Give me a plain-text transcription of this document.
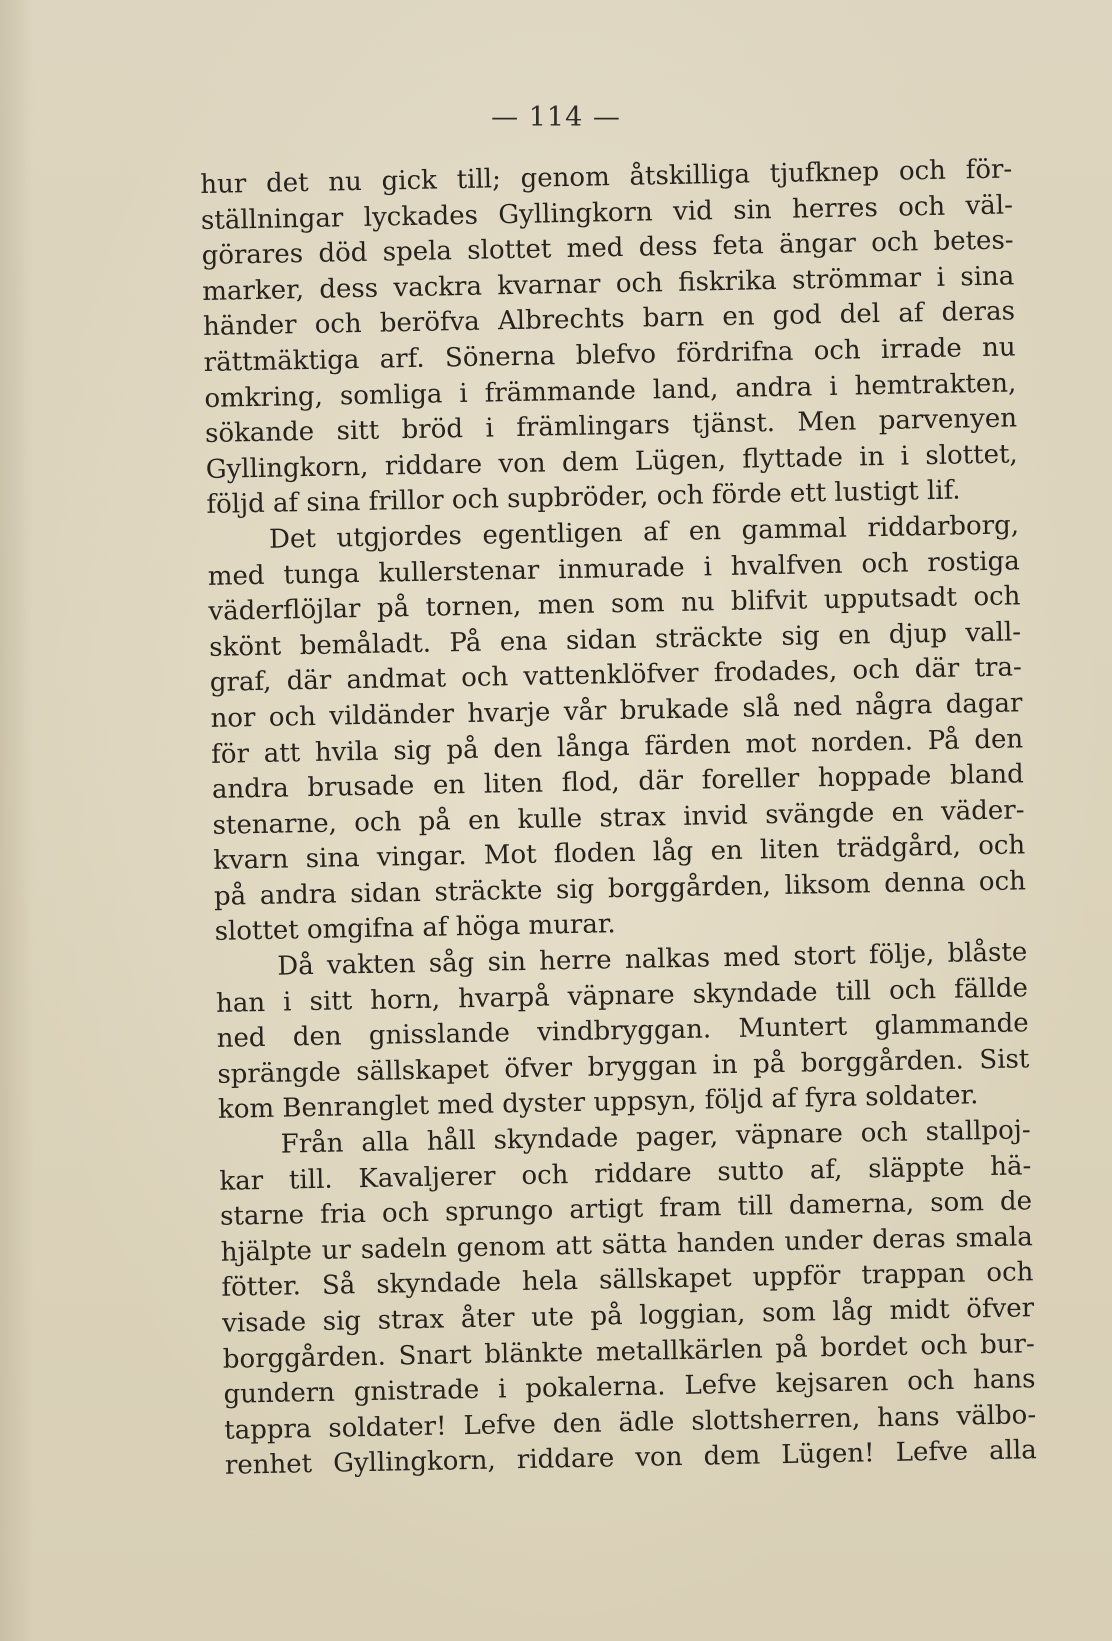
— 114 —
hur det nu gick till; genom åtskilliga tjufknep och för-
ställningar lyckades Gyllingkorn vid sin herres och väl-
görares död spela slottet med dess feta ängar och betes-
marker, dess vackra kvarnar och fiskrika strömmar i sina
händer och beröfva Albrechts barn en god del af deras
rättmäktiga arf. Sönerna blefvo fördrifna och irrade nu
omkring, somliga i främmande land, andra i hemtrakten,
sökande sitt bröd i främlingars tjänst. Men parvenyen
Gyllingkorn, riddare von dem Lügen, flyttade in i slottet,
följd af sina frillor och supbröder, och förde ett lustigt lif.
Det utgjordes egentligen af en gammal riddarborg,
med tunga kullerstenar inmurade i hvalfven och rostiga
väderflöjlar på tornen, men som nu blifvit upputsadt och
skönt bemåladt. På ena sidan sträckte sig en djup vall-
graf, där andmat och vattenklöfver frodades, och där tra-
nor och vildänder hvarje vår brukade slå ned några dagar
för att hvila sig på den långa färden mot norden. På den
andra brusade en liten flod, där foreller hoppade bland
stenarne, och på en kulle strax invid svängde en väder-
kvarn sina vingar. Mot floden låg en liten trädgård, och
på andra sidan sträckte sig borggården, liksom denna och
slottet omgifna af höga murar.
Då vakten såg sin herre nalkas med stort följe, blåste
han i sitt horn, hvarpå väpnare skyndade till och fällde
ned den gnisslande vindbryggan. Muntert glammande
sprängde sällskapet öfver bryggan in på borggården. Sist
kom Benranglet med dyster uppsyn, följd af fyra soldater.
Från alla håll skyndade pager, väpnare och stallpoj-
kar till. Kavaljerer och riddare sutto af, släppte hä-
starne fria och sprungo artigt fram till damerna, som de
hjälpte ur sadeln genom att sätta handen under deras smala
fötter. Så skyndade hela sällskapet uppför trappan och
visade sig strax åter ute på loggian, som låg midt öfver
borggården. Snart blänkte metallkärlen på bordet och bur-
gundern gnistrade i pokalerna. Lefve kejsaren och hans
tappra soldater! Lefve den ädle slottsherren, hans välbo-
renhet Gyllingkorn, riddare von dem Lügen! Lefve alla
